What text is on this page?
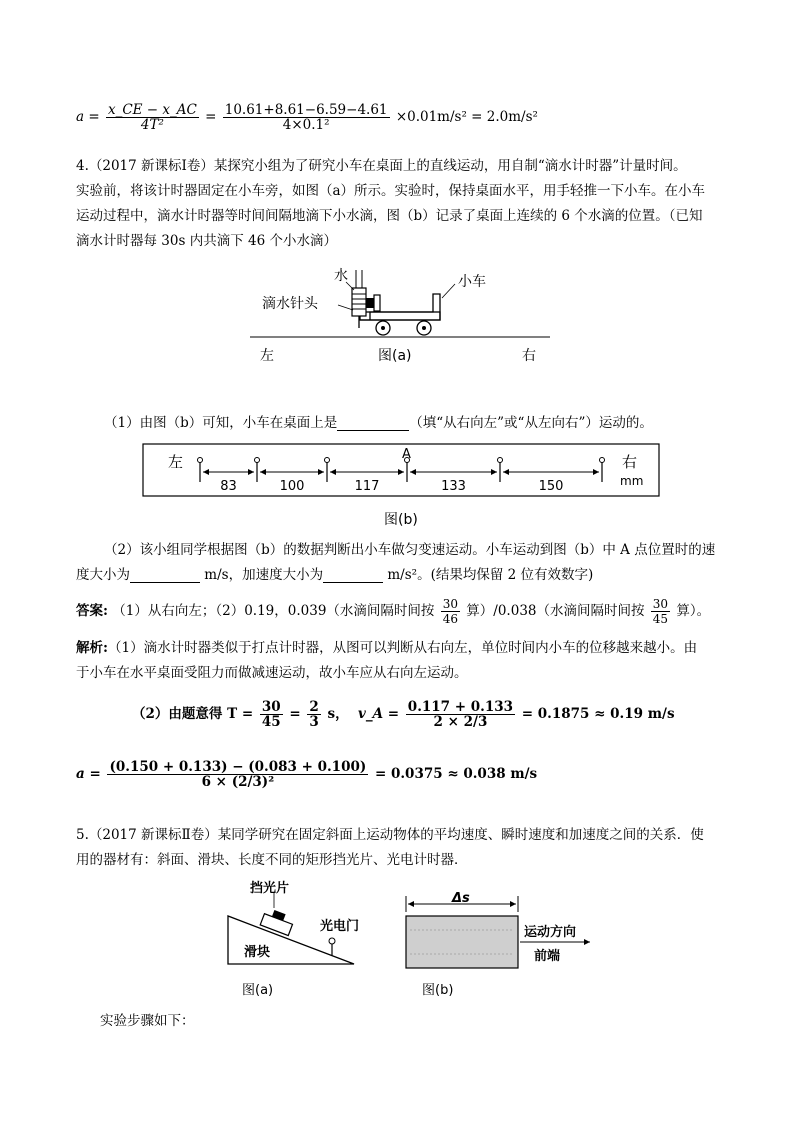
$a = \frac{x\_CE - x\_AC}{\text{4T²}} = \frac{10.61+8.61-6.59-4.61}{\text{4×0.1²}} \times 0.01m/s^2 = 2.0m/s^2$
4.（2017 新课标Ⅰ卷）某探究小组为了研究小车在桌面上的直线运动，用自制“滴水计时器”计量时间。
实验前，将该计时器固定在小车旁，如图（a）所示。实验时，保持桌面水平，用手轻推一下小车。在小车
运动过程中，滴水计时器等时间间隔地滴下小水滴，图（b）记录了桌面上连续的 6 个水滴的位置。（已知
滴水计时器每 30s 内共滴下 46 个小水滴）
水
滴水针头
小车
左	图(a)	右
（1）由图（b）可知，小车在桌面上是	（填“从右向左”或“从左向右”）运动的。
83	100	117	133	150
左	右
mm
A
图(b)
（2）该小组同学根据图（b）的数据判断出小车做匀变速运动。小车运动到图（b）中 A 点位置时的速
度大小为	m/s，加速度大小为	m/s²。(结果均保留 2 位有效数字)
答案: （1）从右向左；（2）0.19，0.039（水滴间隔时间按 $\frac{30}{46}$ 算）/0.038（水滴间隔时间按 $\frac{30}{45}$ 算）。
解析:（1）滴水计时器类似于打点计时器，从图可以判断从右向左，单位时间内小车的位移越来越小。由
于小车在水平桌面受阻力而做减速运动，故小车应从右向左运动。
（2）由题意得 $T = \frac{30}{45} = \frac{2}{3}$ s， v_A = $\frac{0.117 + 0.133}{2 \times 2/3} = 0.1875 \approx 0.19$ m/s
$a = \frac{(0.150 + 0.133) - (0.083 + 0.100)}{\text{6 × (2/3)²}} = 0.0375 \approx 0.038$ m/s
5.（2017 新课标Ⅱ卷）某同学研究在固定斜面上运动物体的平均速度、瞬时速度和加速度之间的关系．使
用的器材有：斜面、滑块、长度不同的矩形挡光片、光电计时器．
挡光片
光电门
滑块
图(a)
Δs
运动方向
前端
图(b)
实验步骤如下：
